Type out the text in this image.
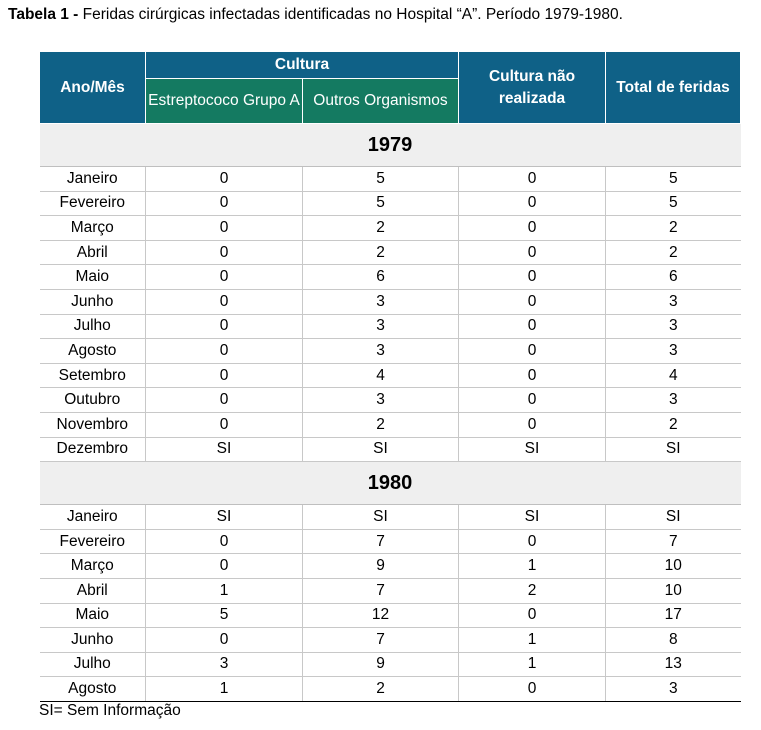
Tabela 1 - Feridas cirúrgicas infectadas identificadas no Hospital “A”. Período 1979-1980.
Ano/Mês	Cultura		Cultura não realizada	Total de feridas
	Estreptococo Grupo A	Outros Organismos		
1979				
Janeiro	0	5	0	5
Fevereiro	0	5	0	5
Março	0	2	0	2
Abril	0	2	0	2
Maio	0	6	0	6
Junho	0	3	0	3
Julho	0	3	0	3
Agosto	0	3	0	3
Setembro	0	4	0	4
Outubro	0	3	0	3
Novembro	0	2	0	2
Dezembro	SI	SI	SI	SI
1980				
Janeiro	SI	SI	SI	SI
Fevereiro	0	7	0	7
Março	0	9	1	10
Abril	1	7	2	10
Maio	5	12	0	17
Junho	0	7	1	8
Julho	3	9	1	13
Agosto	1	2	0	3
SI= Sem Informação
